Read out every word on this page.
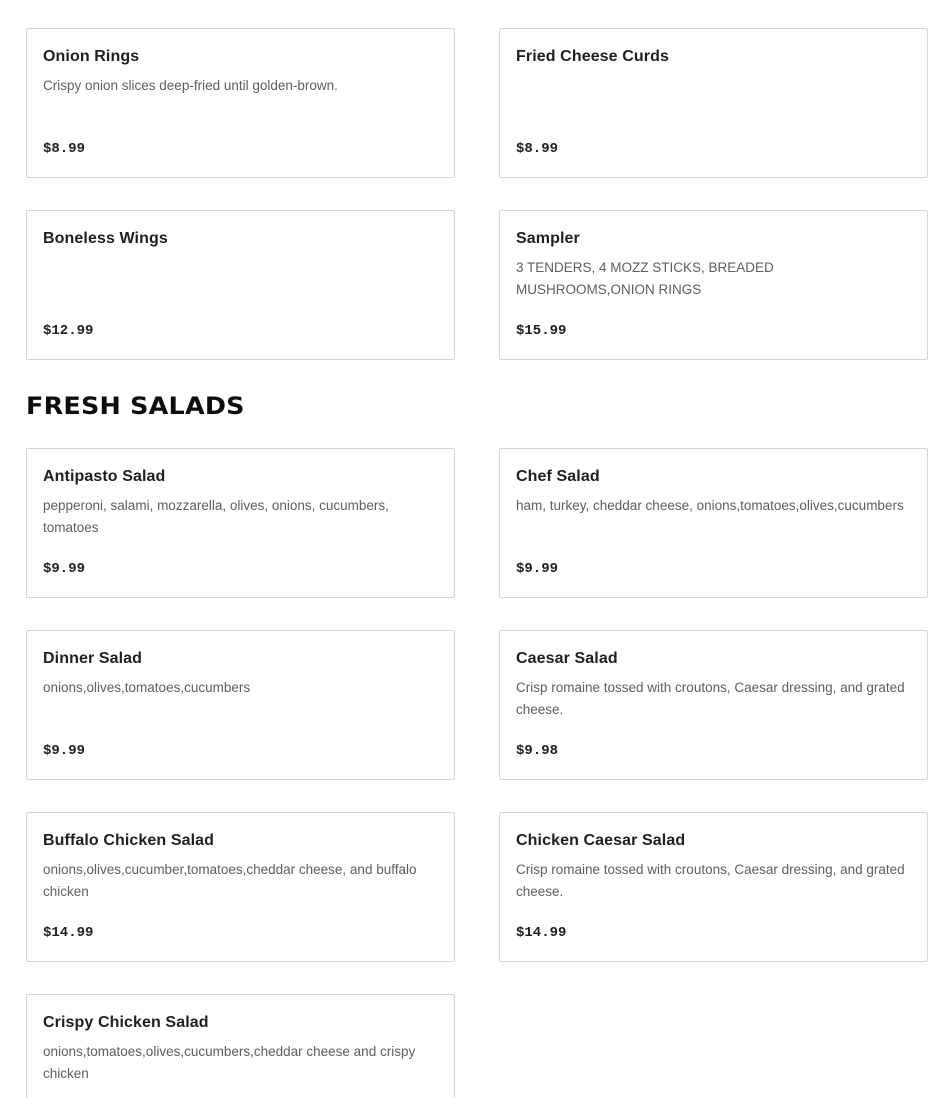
Onion Rings
Crispy onion slices deep-fried until golden-brown.
$8.99
Fried Cheese Curds
$8.99
Boneless Wings
$12.99
Sampler
3 TENDERS, 4 MOZZ STICKS, BREADED MUSHROOMS,ONION RINGS
$15.99
FRESH SALADS
Antipasto Salad
pepperoni, salami, mozzarella, olives, onions, cucumbers, tomatoes
$9.99
Chef Salad
ham, turkey, cheddar cheese, onions,tomatoes,olives,cucumbers
$9.99
Dinner Salad
onions,olives,tomatoes,cucumbers
$9.99
Caesar Salad
Crisp romaine tossed with croutons, Caesar dressing, and grated cheese.
$9.98
Buffalo Chicken Salad
onions,olives,cucumber,tomatoes,cheddar cheese, and buffalo chicken
$14.99
Chicken Caesar Salad
Crisp romaine tossed with croutons, Caesar dressing, and grated cheese.
$14.99
Crispy Chicken Salad
onions,tomatoes,olives,cucumbers,cheddar cheese and crispy chicken
